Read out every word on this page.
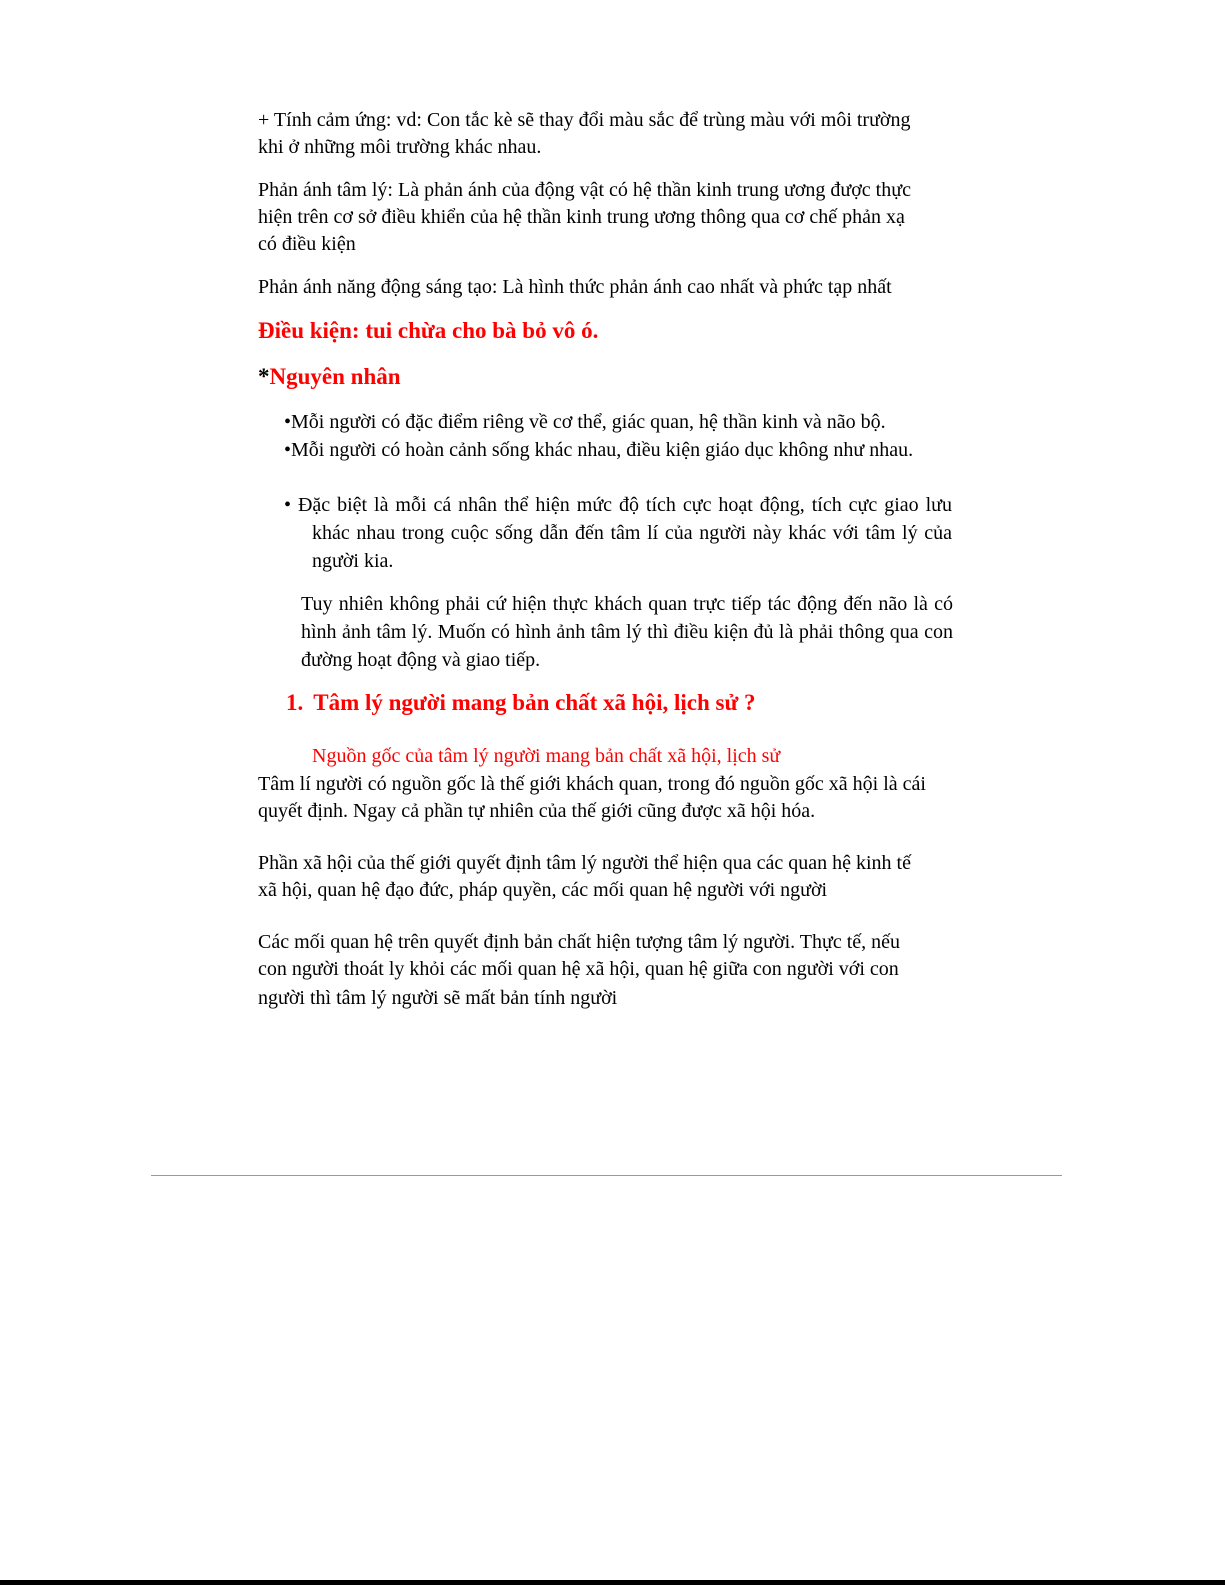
+ Tính cảm ứng: vd: Con tắc kè sẽ thay đổi màu sắc để trùng màu với môi trường
khi ở những môi trường khác nhau.
Phản ánh tâm lý: Là phản ánh của động vật có hệ thần kinh trung ương được thực
hiện trên cơ sở điều khiển của hệ thần kinh trung ương thông qua cơ chế phản xạ
có điều kiện
Phản ánh năng động sáng tạo: Là hình thức phản ánh cao nhất và phức tạp nhất
Điều kiện: tui chừa cho bà bỏ vô ó.
*Nguyên nhân
•Mỗi người có đặc điểm riêng về cơ thể, giác quan, hệ thần kinh và não bộ.
•Mỗi người có hoàn cảnh sống khác nhau, điều kiện giáo dục không như nhau.
• Đặc biệt là mỗi cá nhân thể hiện mức độ tích cực hoạt động, tích cực giao lưu khác nhau trong cuộc sống dẫn đến tâm lí của người này khác với tâm lý của người kia.
Tuy nhiên không phải cứ hiện thực khách quan trực tiếp tác động đến não là có hình ảnh tâm lý. Muốn có hình ảnh tâm lý thì điều kiện đủ là phải thông qua con đường hoạt động và giao tiếp.
1. Tâm lý người mang bản chất xã hội, lịch sử ?
Nguồn gốc của tâm lý người mang bản chất xã hội, lịch sử
Tâm lí người có nguồn gốc là thế giới khách quan, trong đó nguồn gốc xã hội là cái
quyết định. Ngay cả phần tự nhiên của thế giới cũng được xã hội hóa.
Phần xã hội của thế giới quyết định tâm lý người thể hiện qua các quan hệ kinh tế
xã hội, quan hệ đạo đức, pháp quyền, các mối quan hệ người với người
Các mối quan hệ trên quyết định bản chất hiện tượng tâm lý người. Thực tế, nếu
con người thoát ly khỏi các mối quan hệ xã hội, quan hệ giữa con người với con
người thì tâm lý người sẽ mất bản tính người
